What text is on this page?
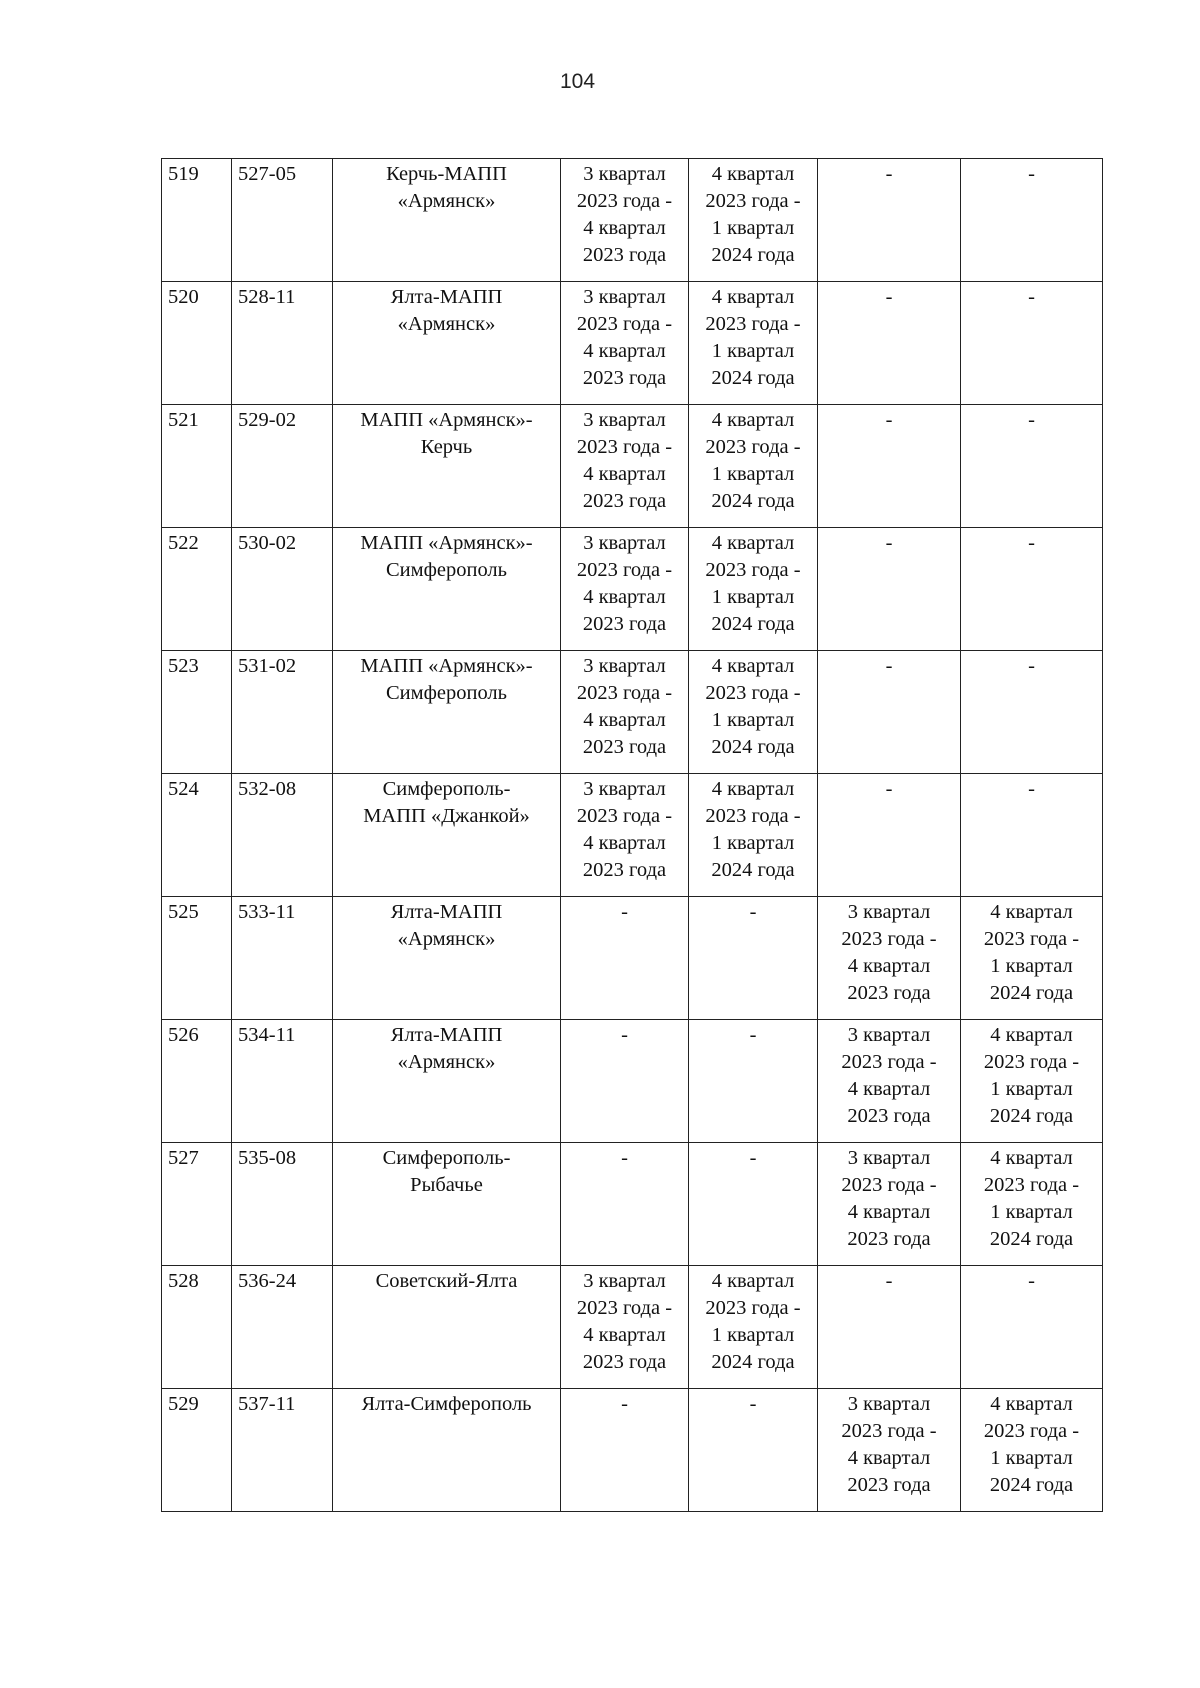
104
519	527-05	Керчь-МАПП
«Армянск»	3 квартал
2023 года -
4 квартал
2023 года	4 квартал
2023 года -
1 квартал
2024 года	-	-

520	528-11	Ялта-МАПП
«Армянск»	3 квартал
2023 года -
4 квартал
2023 года	4 квартал
2023 года -
1 квартал
2024 года	-	-

521	529-02	МАПП «Армянск»-
Керчь	3 квартал
2023 года -
4 квартал
2023 года	4 квартал
2023 года -
1 квартал
2024 года	-	-

522	530-02	МАПП «Армянск»-
Симферополь	3 квартал
2023 года -
4 квартал
2023 года	4 квартал
2023 года -
1 квартал
2024 года	-	-

523	531-02	МАПП «Армянск»-
Симферополь	3 квартал
2023 года -
4 квартал
2023 года	4 квартал
2023 года -
1 квартал
2024 года	-	-

524	532-08	Симферополь-
МАПП «Джанкой»	3 квартал
2023 года -
4 квартал
2023 года	4 квартал
2023 года -
1 квартал
2024 года	-	-

525	533-11	Ялта-МАПП
«Армянск»	-	-	3 квартал
2023 года -
4 квартал
2023 года	4 квартал
2023 года -
1 квартал
2024 года

526	534-11	Ялта-МАПП
«Армянск»	-	-	3 квартал
2023 года -
4 квартал
2023 года	4 квартал
2023 года -
1 квартал
2024 года

527	535-08	Симферополь-
Рыбачье	-	-	3 квартал
2023 года -
4 квартал
2023 года	4 квартал
2023 года -
1 квартал
2024 года

528	536-24	Советский-Ялта	3 квартал
2023 года -
4 квартал
2023 года	4 квартал
2023 года -
1 квартал
2024 года	-	-

529	537-11	Ялта-Симферополь	-	-	3 квартал
2023 года -
4 квартал
2023 года	4 квартал
2023 года -
1 квартал
2024 года
